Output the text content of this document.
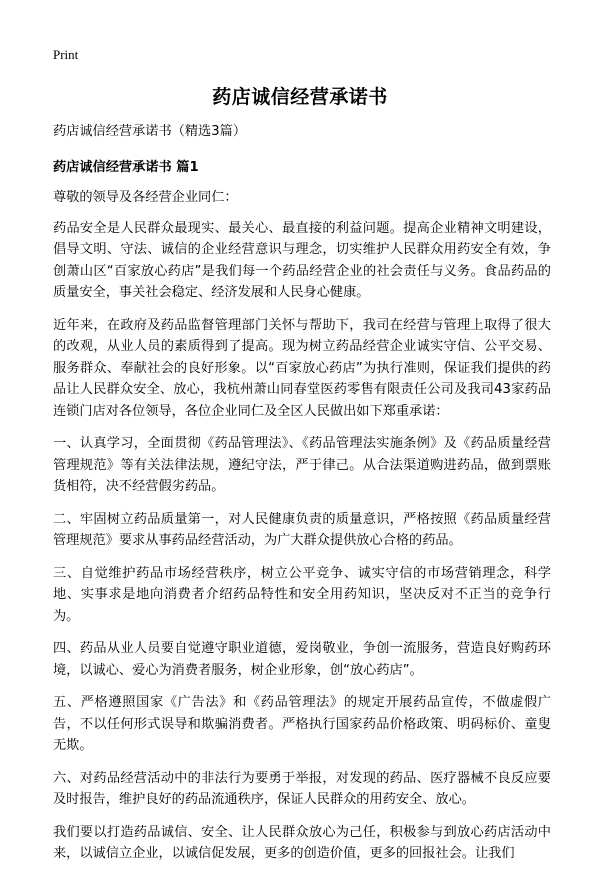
Print
药店诚信经营承诺书

药店诚信经营承诺书（精选3篇）

药店诚信经营承诺书 篇1

尊敬的领导及各经营企业同仁：

药品安全是人民群众最现实、最关心、最直接的利益问题。提高企业精神文明建设，倡导文明、守法、诚信的企业经营意识与理念，切实维护人民群众用药安全有效，争创萧山区“百家放心药店”是我们每一个药品经营企业的社会责任与义务。食品药品的质量安全，事关社会稳定、经济发展和人民身心健康。

近年来，在政府及药品监督管理部门关怀与帮助下，我司在经营与管理上取得了很大的改观，从业人员的素质得到了提高。现为树立药品经营企业诚实守信、公平交易、服务群众、奉献社会的良好形象。以“百家放心药店”为执行准则，保证我们提供的药品让人民群众安全、放心，我杭州萧山同春堂医药零售有限责任公司及我司43家药品连锁门店对各位领导，各位企业同仁及全区人民做出如下郑重承诺：

一、认真学习，全面贯彻《药品管理法》、《药品管理法实施条例》及《药品质量经营管理规范》等有关法律法规，遵纪守法，严于律己。从合法渠道购进药品，做到票账货相符，决不经营假劣药品。

二、牢固树立药品质量第一，对人民健康负责的质量意识，严格按照《药品质量经营管理规范》要求从事药品经营活动，为广大群众提供放心合格的药品。

三、自觉维护药品市场经营秩序，树立公平竞争、诚实守信的市场营销理念，科学地、实事求是地向消费者介绍药品特性和安全用药知识，坚决反对不正当的竞争行为。

四、药品从业人员要自觉遵守职业道德，爱岗敬业，争创一流服务，营造良好购药环境，以诚心、爱心为消费者服务，树企业形象，创“放心药店”。

五、严格遵照国家《广告法》和《药品管理法》的规定开展药品宣传，不做虚假广告，不以任何形式误导和欺骗消费者。严格执行国家药品价格政策、明码标价、童叟无欺。

六、对药品经营活动中的非法行为要勇于举报，对发现的药品、医疗器械不良反应要及时报告，维护良好的药品流通秩序，保证人民群众的用药安全、放心。

我们要以打造药品诚信、安全、让人民群众放心为己任，积极参与到放心药店活动中来，以诚信立企业，以诚信促发展，更多的创造价值，更多的回报社会。让我们
